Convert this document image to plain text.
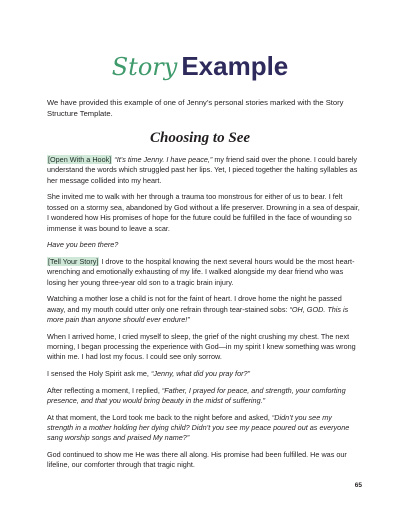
Story Example
We have provided this example of one of Jenny’s personal stories marked with the Story Structure Template.
Choosing to See

[Open With a Hook] “It’s time Jenny. I have peace,” my friend said over the phone. I could barely understand the words which struggled past her lips. Yet, I pieced together the halting syllables as her message collided into my heart.

She invited me to walk with her through a trauma too monstrous for either of us to bear. I felt tossed on a stormy sea, abandoned by God without a life preserver. Drowning in a sea of despair, I wondered how His promises of hope for the future could be fulfilled in the face of wounding so immense it was bound to leave a scar.

Have you been there?

[Tell Your Story] I drove to the hospital knowing the next several hours would be the most heart-wrenching and emotionally exhausting of my life. I walked alongside my dear friend who was losing her young three-year old son to a tragic brain injury.

Watching a mother lose a child is not for the faint of heart. I drove home the night he passed away, and my mouth could utter only one refrain through tear-stained sobs: “OH, GOD. This is more pain than anyone should ever endure!”

When I arrived home, I cried myself to sleep, the grief of the night crushing my chest. The next morning, I began processing the experience with God—in my spirit I knew something was wrong within me. I had lost my focus. I could see only sorrow.

I sensed the Holy Spirit ask me, “Jenny, what did you pray for?”

After reflecting a moment, I replied, “Father, I prayed for peace, and strength, your comforting presence, and that you would bring beauty in the midst of suffering.”

At that moment, the Lord took me back to the night before and asked, “Didn’t you see my strength in a mother holding her dying child? Didn’t you see my peace poured out as everyone sang worship songs and praised My name?”

God continued to show me He was there all along. His promise had been fulfilled. He was our lifeline, our comforter through that tragic night.

65
